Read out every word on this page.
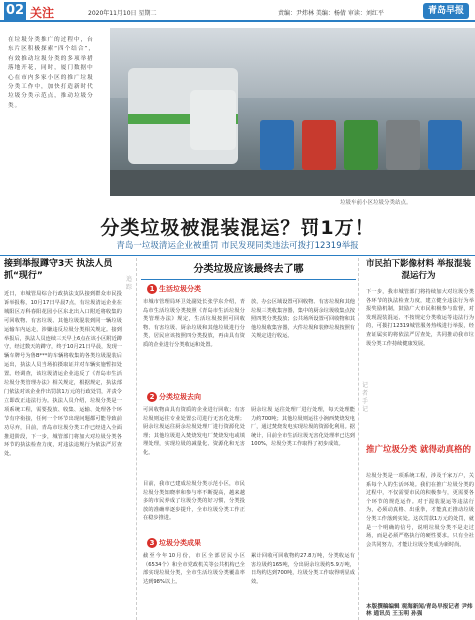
02 关注	2020年11月10日 星期二	责编：尹炜林 美编：杨倩 审读：刘红平	青岛早报
在垃圾分类推广的过程中，台东片区积极探索“四个结合”，有效推动垃圾分类的多项举措落地开花，同时，厦门数据中心在市内多家小区的推广垃圾分类工作中，加快打造新时代垃圾分类示范点，推动垃圾分类。
垃圾车前小区垃圾分类站点。
分类垃圾被混装混运？罚1万！
青岛一垃圾清运企业被重罚 市民发现同类违法可拨打12319举报
接到举报蹲守3天 执法人员抓“现行”
近日，市城管局综合行政执法支队接到群众市民投诉举报称，10月17日早晨7点，有垃圾清运企业在城阳区万科春阳花园小区东北出入口附近将收集的可回收物、有害垃圾、其他垃圾混装到同一辆垃圾运输车内运走，涉嫌违反垃圾分类相关规定。接到举报后，执法人员连续三天早上6点在该小区附近蹲守，经过数天的蹲守，终于10月21日早晨，发现一辆车牌号为鲁B***的车辆将收集的各类垃圾混装后运出，执法人员当场拍摄取证并对车辆实施暂扣处置。经调查，该垃圾清运企业违反了《青岛市生活垃圾分类管理办法》相关规定，根据规定，执法部门依法对该企业作出罚款1万元的行政处罚，并责令立即改正违法行为。执法人员介绍，垃圾分类是一项系统工程，需要投放、收集、运输、处理各个环节有序衔接，任何一个环节出现问题都可能导致前功尽弃，目前，青岛市垃圾分类工作已经进入全面推进阶段，下一步，城管部门将加大对垃圾分类各环节的执法检查力度，对违法违规行为依法严厉查处。
追踪
分类垃圾应该最终去了哪
1 生活垃圾分类
市城市管理局环卫处副处长张学东介绍，青岛市生活垃圾分类按照《青岛市生活垃圾分类管理办法》规定，生活垃圾按照可回收物、有害垃圾、厨余垃圾和其他垃圾进行分类，居民应该按照四分类投放，再由具有资质的企业进行分类收运和处置。
放，办公区域设置可回收物、有害垃圾和其他垃圾三类收集容器，集中的厨余垃圾收集点按照四类分类投放；公共场所设置可回收物和其他垃圾收集容器，大件垃圾和装修垃圾按照有关规定进行收运。
2 分类垃圾去向
可回收物由具有资质的企业进行回收；有害垃圾则运往专业处置公司进行无害化处理；厨余垃圾运往厨余垃圾处理厂进行资源化处理；其他垃圾进入焚烧发电厂焚烧发电或填埋处理，实现垃圾的减量化、资源化和无害化。
厨余垃圾 运往处理厂进行处理，每天处理能力约700吨；其他垃圾则运往小涧西焚烧发电厂，通过焚烧发电实现垃圾的资源化利用。据统计，目前全市生活垃圾无害化处理率已达到100%，垃圾分类工作取得了初步成效。
目前，我市已建成垃圾分类示范小区，市民垃圾分类知晓率和参与率不断提高，越来越多的市民养成了垃圾分类的好习惯，分类投放的准确率逐步提升，全市垃圾分类工作正在稳步推进。
3 垃圾分类成果
截至今年10月份，市区全部居民小区（6534个）和全市党政机关等公共机构已全部实现垃圾分类，全市生活垃圾分类覆盖率达到98%以上。
累计回收可回收物约27.8万吨，分类收运有害垃圾约165吨，分出厨余垃圾约5.9万吨，日均约达到700吨，垃圾分类工作取得明显成效。
市民拍下影像材料 举报混装混运行为
下一步，我市城管部门将持续加大对垃圾分类各环节的执法检查力度，建立健全违法行为举报奖励机制，鼓励广大市民积极参与监督，对发现混装混运、不按规定分类收运等违法行为的，可拨打12319城管服务热线进行举报，经查证属实的将依法严厉查处，共同推动我市垃圾分类工作持续健康发展。
推广垃圾分类 就得动真格的
垃圾分类是一项系统工程，涉及千家万户，关系每个人的生活环境。我们在推广垃圾分类的过程中，不仅需要市民的积极参与，更需要各个环节的规范运作。对于混装混运等违法行为，必须动真格、出重拳，才能真正推动垃圾分类工作落到实处。这次罚款1万元的处罚，就是一个明确的信号，说明垃圾分类不是走过场，而是必须严格执行的硬性要求。只有全社会共同努力，才能让垃圾分类成为新时尚。
记者手记
本版撰稿编辑 观海新闻/青岛早报记者 尹炜林 通讯员 王玉明 孙强
